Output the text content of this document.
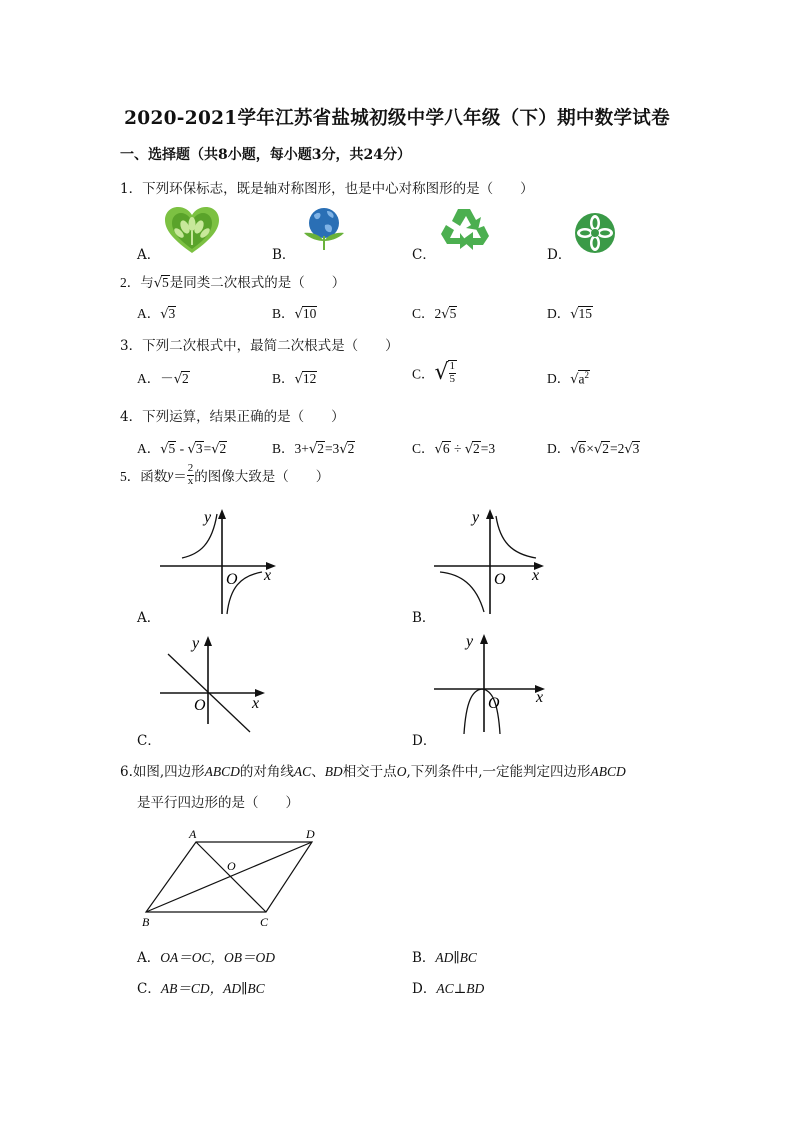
2020-2021学年江苏省盐城初级中学八年级（下）期中数学试卷
一、选择题（共8小题，每小题3分，共24分）
1．下列环保标志，既是轴对称图形，也是中心对称图形的是（　　）
A．	B．	C．	D．
2．与√5是同类二次根式的是（　　）
A．√3	B．√10	C．2√5	D．√15
3．下列二次根式中，最简二次根式是（　　）
A．－√2	B．√12	C．√ $\frac{1}{5}$	D．$√a^2$
4．下列运算，结果正确的是（　　）
A．√5 - √3=√2	B．3+√2=3√2	C．√6 ÷ √2=3	D．√6×√2=2√3
5．函数$y= \frac{2}{x}$ 的图像大致是（　　）
y
x
O
A．
y
x
O
B．
y
x
O
C．
y
x
O
D．
6.如图,四边形ABCD的对角线AC、BD相交于点O,下列条件中,一定能判定四边形ABCD
是平行四边形的是（　　）
A	D
B	C
O
A．OA＝OC，OB＝OD	B．AD∥BC
C．AB＝CD，AD∥BC	D．AC⊥BD
